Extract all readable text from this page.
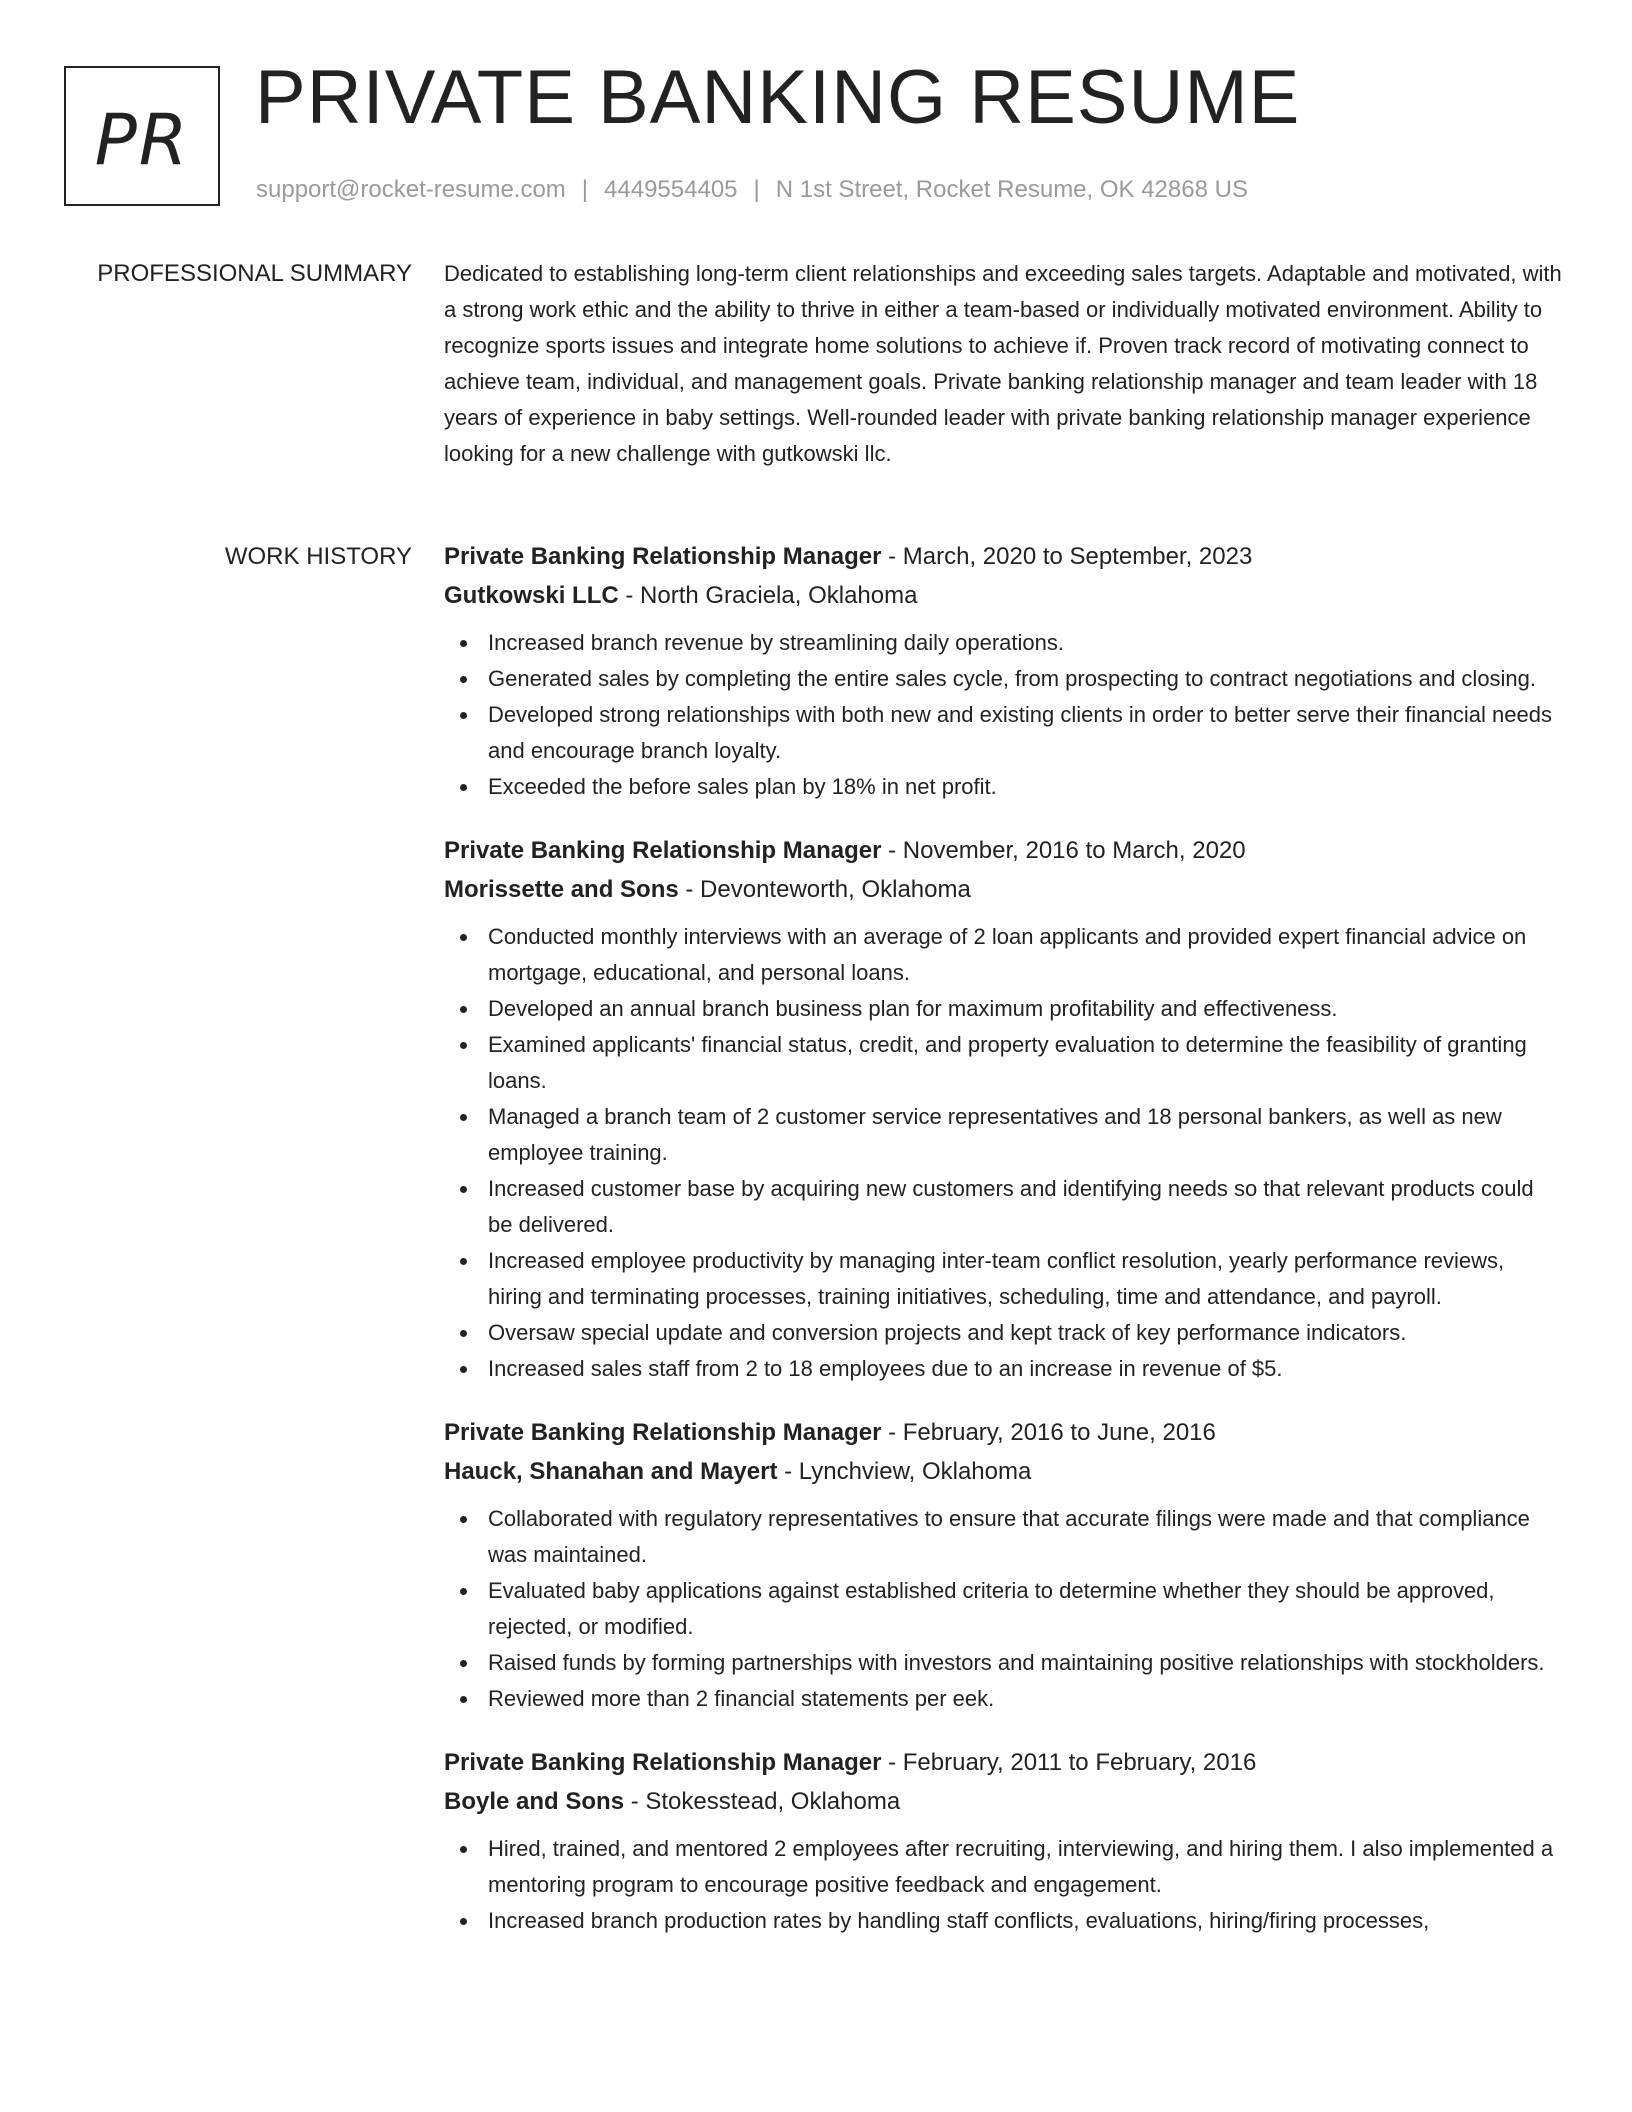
PR PRIVATE BANKING RESUME
support@rocket-resume.com | 4449554405 | N 1st Street, Rocket Resume, OK 42868 US
PROFESSIONAL SUMMARY Dedicated to establishing long-term client relationships and exceeding sales targets. Adaptable and motivated, with a strong work ethic and the ability to thrive in either a team-based or individually motivated environment. Ability to recognize sports issues and integrate home solutions to achieve if. Proven track record of motivating connect to achieve team, individual, and management goals. Private banking relationship manager and team leader with 18 years of experience in baby settings. Well-rounded leader with private banking relationship manager experience looking for a new challenge with gutkowski llc.

WORK HISTORY Private Banking Relationship Manager - March, 2020 to September, 2023
Gutkowski LLC - North Graciela, Oklahoma
Increased branch revenue by streamlining daily operations.
Generated sales by completing the entire sales cycle, from prospecting to contract negotiations and closing.
Developed strong relationships with both new and existing clients in order to better serve their financial needs and encourage branch loyalty.
Exceeded the before sales plan by 18% in net profit.
Private Banking Relationship Manager - November, 2016 to March, 2020
Morissette and Sons - Devonteworth, Oklahoma
Conducted monthly interviews with an average of 2 loan applicants and provided expert financial advice on mortgage, educational, and personal loans.
Developed an annual branch business plan for maximum profitability and effectiveness.
Examined applicants' financial status, credit, and property evaluation to determine the feasibility of granting loans.
Managed a branch team of 2 customer service representatives and 18 personal bankers, as well as new employee training.
Increased customer base by acquiring new customers and identifying needs so that relevant products could be delivered.
Increased employee productivity by managing inter-team conflict resolution, yearly performance reviews, hiring and terminating processes, training initiatives, scheduling, time and attendance, and payroll.
Oversaw special update and conversion projects and kept track of key performance indicators.
Increased sales staff from 2 to 18 employees due to an increase in revenue of $5.
Private Banking Relationship Manager - February, 2016 to June, 2016
Hauck, Shanahan and Mayert - Lynchview, Oklahoma
Collaborated with regulatory representatives to ensure that accurate filings were made and that compliance was maintained.
Evaluated baby applications against established criteria to determine whether they should be approved, rejected, or modified.
Raised funds by forming partnerships with investors and maintaining positive relationships with stockholders.
Reviewed more than 2 financial statements per eek.
Private Banking Relationship Manager - February, 2011 to February, 2016
Boyle and Sons - Stokesstead, Oklahoma
Hired, trained, and mentored 2 employees after recruiting, interviewing, and hiring them. I also implemented a mentoring program to encourage positive feedback and engagement.
Increased branch production rates by handling staff conflicts, evaluations, hiring/firing processes,
